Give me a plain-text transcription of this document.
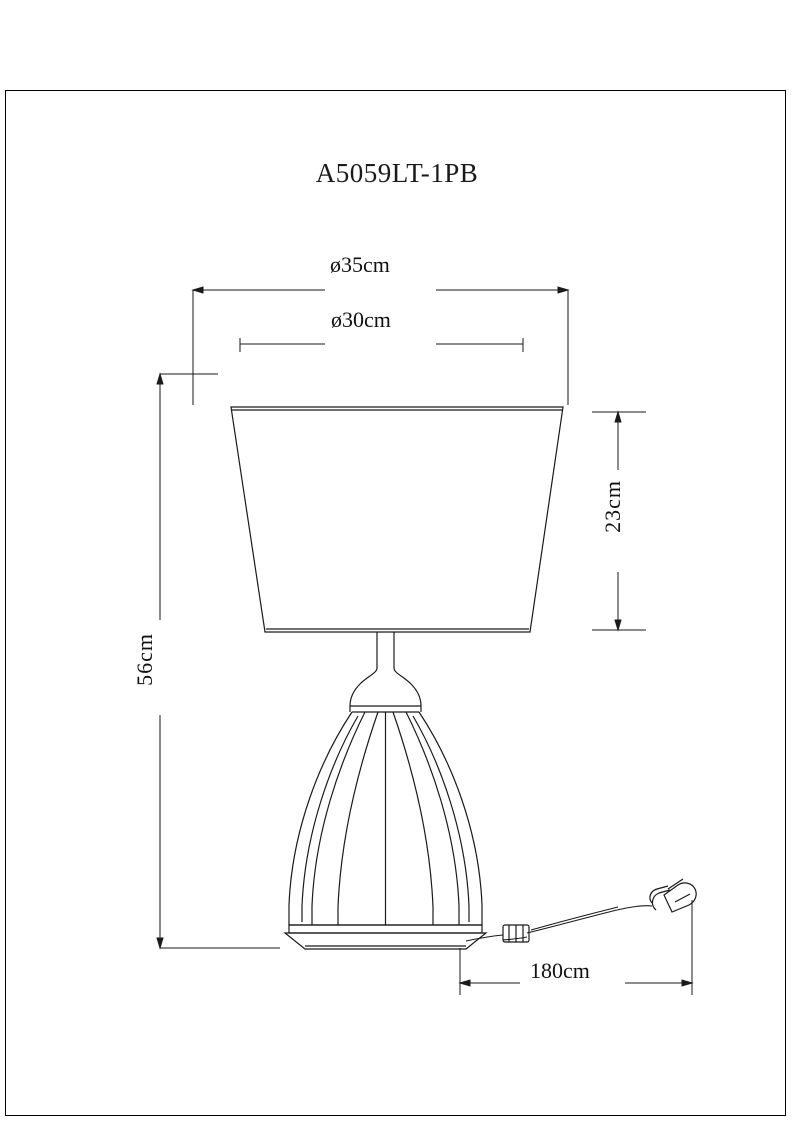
A5059LT-1PB
ø35cm
ø30cm
23cm
56cm
180cm
